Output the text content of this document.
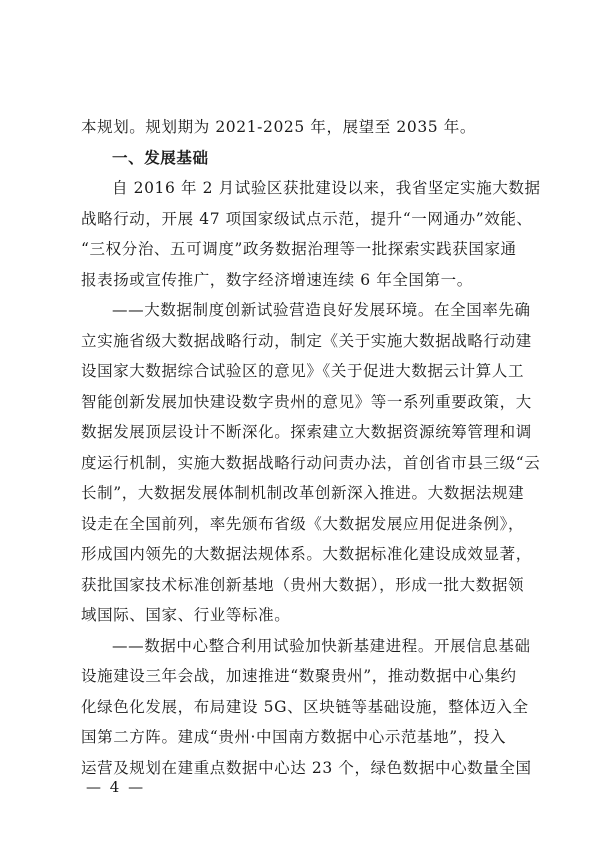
本规划。规划期为 2021-2025 年，展望至 2035 年。
一、发展基础
自 2016 年 2 月试验区获批建设以来，我省坚定实施大数据
战略行动，开展 47 项国家级试点示范，提升“一网通办”效能、
“三权分治、五可调度”政务数据治理等一批探索实践获国家通
报表扬或宣传推广，数字经济增速连续 6 年全国第一。
——大数据制度创新试验营造良好发展环境。在全国率先确
立实施省级大数据战略行动，制定《关于实施大数据战略行动建
设国家大数据综合试验区的意见》《关于促进大数据云计算人工
智能创新发展加快建设数字贵州的意见》等一系列重要政策，大
数据发展顶层设计不断深化。探索建立大数据资源统筹管理和调
度运行机制，实施大数据战略行动问责办法，首创省市县三级“云
长制”，大数据发展体制机制改革创新深入推进。大数据法规建
设走在全国前列，率先颁布省级《大数据发展应用促进条例》，
形成国内领先的大数据法规体系。大数据标准化建设成效显著，
获批国家技术标准创新基地（贵州大数据），形成一批大数据领
域国际、国家、行业等标准。
——数据中心整合利用试验加快新基建进程。开展信息基础
设施建设三年会战，加速推进“数聚贵州”，推动数据中心集约
化绿色化发展，布局建设 5G、区块链等基础设施，整体迈入全
国第二方阵。建成“贵州·中国南方数据中心示范基地”，投入
运营及规划在建重点数据中心达 23 个，绿色数据中心数量全国
— 4 —
